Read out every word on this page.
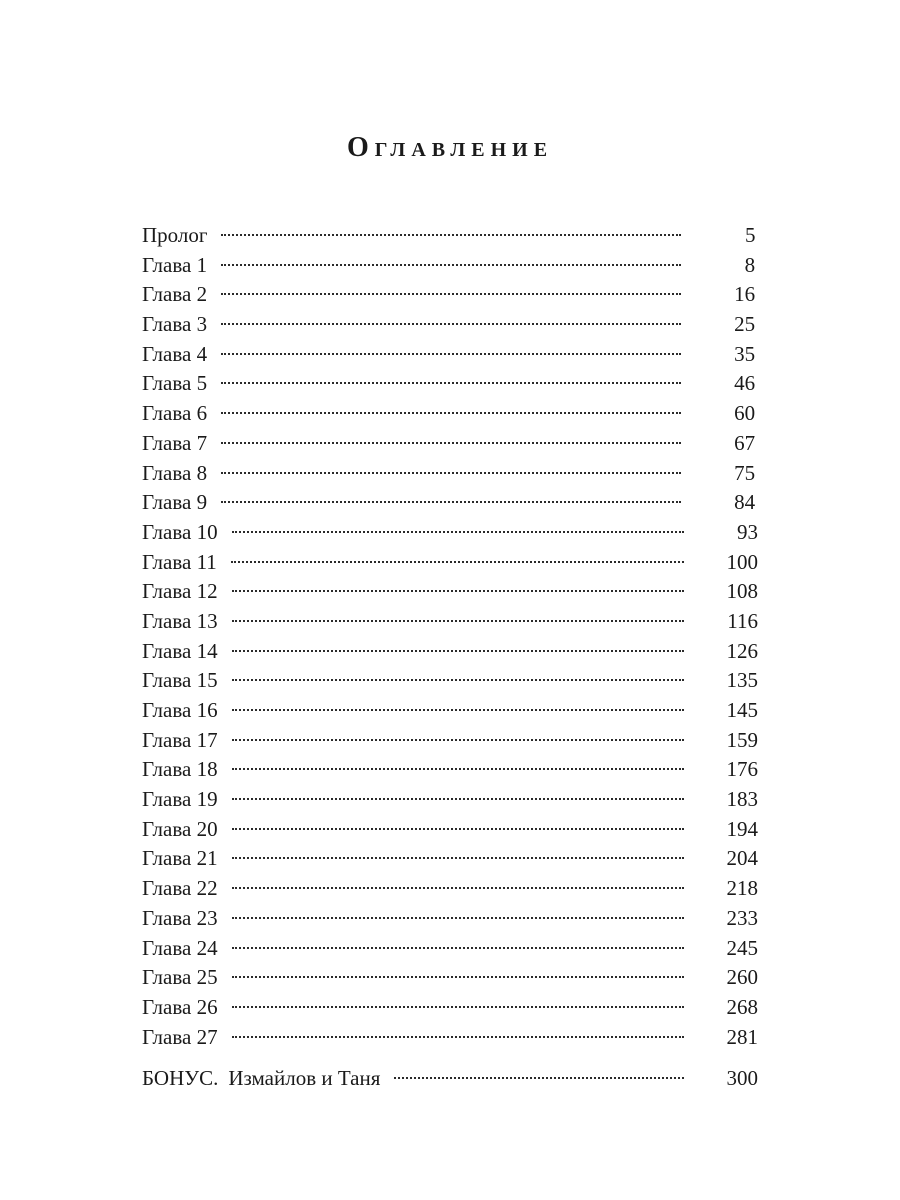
Оглавление
Пролог	5
Глава 1	8
Глава 2	16
Глава 3	25
Глава 4	35
Глава 5	46
Глава 6	60
Глава 7	67
Глава 8	75
Глава 9	84
Глава 10	93
Глава 11	100
Глава 12	108
Глава 13	116
Глава 14	126
Глава 15	135
Глава 16	145
Глава 17	159
Глава 18	176
Глава 19	183
Глава 20	194
Глава 21	204
Глава 22	218
Глава 23	233
Глава 24	245
Глава 25	260
Глава 26	268
Глава 27	281
БОНУС. Измайлов и Таня	300
